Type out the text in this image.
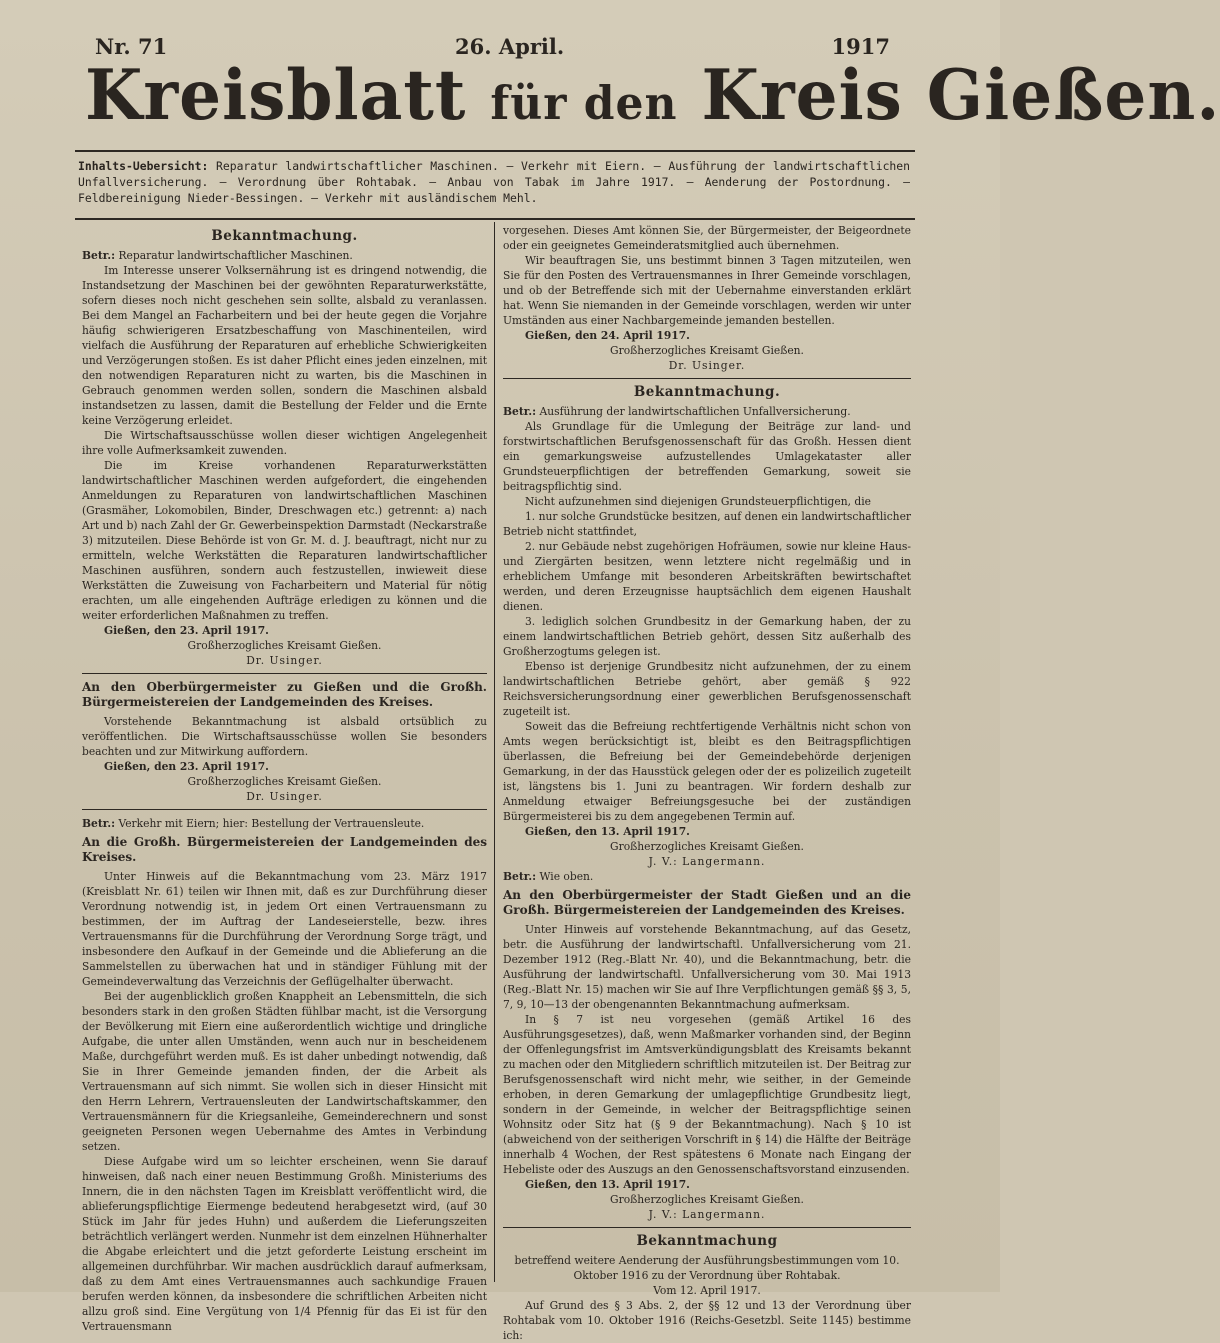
Nr. 71	26. April.	1917
Kreisblatt für den Kreis Gießen.
Inhalts-Uebersicht: Reparatur landwirtschaftlicher Maschinen. — Verkehr mit Eiern. — Ausführung der landwirtschaftlichen Unfallversicherung. — Verordnung über Rohtabak. — Anbau von Tabak im Jahre 1917. — Aenderung der Postordnung. — Feldbereinigung Nieder-Bessingen. — Verkehr mit ausländischem Mehl.
Bekanntmachung.
Betr.: Reparatur landwirtschaftlicher Maschinen.

Im Interesse unserer Volksernährung ist es dringend notwendig, die Instandsetzung der Maschinen bei der gewöhnten Reparaturwerkstätte, sofern dieses noch nicht geschehen sein sollte, alsbald zu veranlassen. Bei dem Mangel an Facharbeitern und bei der heute gegen die Vorjahre häufig schwierigeren Ersatzbeschaffung von Maschinenteilen, wird vielfach die Ausführung der Reparaturen auf erhebliche Schwierigkeiten und Verzögerungen stoßen. Es ist daher Pflicht eines jeden einzelnen, mit den notwendigen Reparaturen nicht zu warten, bis die Maschinen in Gebrauch genommen werden sollen, sondern die Maschinen alsbald instandsetzen zu lassen, damit die Bestellung der Felder und die Ernte keine Verzögerung erleidet.

Die Wirtschaftsausschüsse wollen dieser wichtigen Angelegenheit ihre volle Aufmerksamkeit zuwenden.

Die im Kreise vorhandenen Reparaturwerkstätten landwirtschaftlicher Maschinen werden aufgefordert, die eingehenden Anmeldungen zu Reparaturen von landwirtschaftlichen Maschinen (Grasmäher, Lokomobilen, Binder, Dreschwagen etc.) getrennt: a) nach Art und b) nach Zahl der Gr. Gewerbeinspektion Darmstadt (Neckarstraße 3) mitzuteilen. Diese Behörde ist von Gr. M. d. J. beauftragt, nicht nur zu ermitteln, welche Werkstätten die Reparaturen landwirtschaftlicher Maschinen ausführen, sondern auch festzustellen, inwieweit diese Werkstätten die Zuweisung von Facharbeitern und Material für nötig erachten, um alle eingehenden Aufträge erledigen zu können und die weiter erforderlichen Maßnahmen zu treffen.

Gießen, den 23. April 1917.
Großherzogliches Kreisamt Gießen.
Dr. Usinger.
An den Oberbürgermeister zu Gießen und die Großh. Bürgermeistereien der Landgemeinden des Kreises.

Vorstehende Bekanntmachung ist alsbald ortsüblich zu veröffentlichen. Die Wirtschaftsausschüsse wollen Sie besonders beachten und zur Mitwirkung auffordern.

Gießen, den 23. April 1917.
Großherzogliches Kreisamt Gießen.
Dr. Usinger.
Betr.: Verkehr mit Eiern; hier: Bestellung der Vertrauensleute.
An die Großh. Bürgermeistereien der Landgemeinden des Kreises.

Unter Hinweis auf die Bekanntmachung vom 23. März 1917 (Kreisblatt Nr. 61) teilen wir Ihnen mit, daß es zur Durchführung dieser Verordnung notwendig ist, in jedem Ort einen Vertrauensmann zu bestimmen, der im Auftrag der Landeseierstelle, bezw. ihres Vertrauensmanns für die Durchführung der Verordnung Sorge trägt, und insbesondere den Aufkauf in der Gemeinde und die Ablieferung an die Sammelstellen zu überwachen hat und in ständiger Fühlung mit der Gemeindeverwaltung das Verzeichnis der Geflügelhalter überwacht.

Bei der augenblicklich großen Knappheit an Lebensmitteln, die sich besonders stark in den großen Städten fühlbar macht, ist die Versorgung der Bevölkerung mit Eiern eine außerordentlich wichtige und dringliche Aufgabe, die unter allen Umständen, wenn auch nur in bescheidenem Maße, durchgeführt werden muß. Es ist daher unbedingt notwendig, daß Sie in Ihrer Gemeinde jemanden finden, der die Arbeit als Vertrauensmann auf sich nimmt. Sie wollen sich in dieser Hinsicht mit den Herrn Lehrern, Vertrauensleuten der Landwirtschaftskammer, den Vertrauensmännern für die Kriegsanleihe, Gemeinderechnern und sonst geeigneten Personen wegen Uebernahme des Amtes in Verbindung setzen.

Diese Aufgabe wird um so leichter erscheinen, wenn Sie darauf hinweisen, daß nach einer neuen Bestimmung Großh. Ministeriums des Innern, die in den nächsten Tagen im Kreisblatt veröffentlicht wird, die ablieferungspflichtige Eiermenge bedeutend herabgesetzt wird, (auf 30 Stück im Jahr für jedes Huhn) und außerdem die Lieferungszeiten beträchtlich verlängert werden. Nunmehr ist dem einzelnen Hühnerhalter die Abgabe erleichtert und die jetzt geforderte Leistung erscheint im allgemeinen durchführbar. Wir machen ausdrücklich darauf aufmerksam, daß zu dem Amt eines Vertrauensmannes auch sachkundige Frauen berufen werden können, da insbesondere die schriftlichen Arbeiten nicht allzu groß sind. Eine Vergütung von 1/4 Pfennig für das Ei ist für den Vertrauensmann

vorgesehen. Dieses Amt können Sie, der Bürgermeister, der Beigeordnete oder ein geeignetes Gemeinderatsmitglied auch übernehmen.

Wir beauftragen Sie, uns bestimmt binnen 3 Tagen mitzuteilen, wen Sie für den Posten des Vertrauensmannes in Ihrer Gemeinde vorschlagen, und ob der Betreffende sich mit der Uebernahme einverstanden erklärt hat. Wenn Sie niemanden in der Gemeinde vorschlagen, werden wir unter Umständen aus einer Nachbargemeinde jemanden bestellen.

Gießen, den 24. April 1917.
Großherzogliches Kreisamt Gießen.
Dr. Usinger.
Bekanntmachung.
Betr.: Ausführung der landwirtschaftlichen Unfallversicherung.

Als Grundlage für die Umlegung der Beiträge zur land- und forstwirtschaftlichen Berufsgenossenschaft für das Großh. Hessen dient ein gemarkungsweise aufzustellendes Umlagekataster aller Grundsteuerpflichtigen der betreffenden Gemarkung, soweit sie beitragspflichtig sind.

Nicht aufzunehmen sind diejenigen Grundsteuerpflichtigen, die

1. nur solche Grundstücke besitzen, auf denen ein landwirtschaftlicher Betrieb nicht stattfindet,
2. nur Gebäude nebst zugehörigen Hofräumen, sowie nur kleine Haus- und Ziergärten besitzen, wenn letztere nicht regelmäßig und in erheblichem Umfange mit besonderen Arbeitskräften bewirtschaftet werden, und deren Erzeugnisse hauptsächlich dem eigenen Haushalt dienen.
3. lediglich solchen Grundbesitz in der Gemarkung haben, der zu einem landwirtschaftlichen Betrieb gehört, dessen Sitz außerhalb des Großherzogtums gelegen ist.

Ebenso ist derjenige Grundbesitz nicht aufzunehmen, der zu einem landwirtschaftlichen Betriebe gehört, aber gemäß § 922 Reichsversicherungsordnung einer gewerblichen Berufsgenossenschaft zugeteilt ist.

Soweit das die Befreiung rechtfertigende Verhältnis nicht schon von Amts wegen berücksichtigt ist, bleibt es den Beitragspflichtigen überlassen, die Befreiung bei der Gemeindebehörde derjenigen Gemarkung, in der das Hausstück gelegen oder der es polizeilich zugeteilt ist, längstens bis 1. Juni zu beantragen. Wir fordern deshalb zur Anmeldung etwaiger Befreiungsgesuche bei der zuständigen Bürgermeisterei bis zu dem angegebenen Termin auf.

Gießen, den 13. April 1917.
Großherzogliches Kreisamt Gießen.
J. V.: Langermann.
Betr.: Wie oben.
An den Oberbürgermeister der Stadt Gießen und an die Großh. Bürgermeistereien der Landgemeinden des Kreises.

Unter Hinweis auf vorstehende Bekanntmachung, auf das Gesetz, betr. die Ausführung der landwirtschaftl. Unfallversicherung vom 21. Dezember 1912 (Reg.-Blatt Nr. 40), und die Bekanntmachung, betr. die Ausführung der landwirtschaftl. Unfallversicherung vom 30. Mai 1913 (Reg.-Blatt Nr. 15) machen wir Sie auf Ihre Verpflichtungen gemäß §§ 3, 5, 7, 9, 10—13 der obengenannten Bekanntmachung aufmerksam.

In § 7 ist neu vorgesehen (gemäß Artikel 16 des Ausführungsgesetzes), daß, wenn Maßmarker vorhanden sind, der Beginn der Offenlegungsfrist im Amtsverkündigungsblatt des Kreisamts bekannt zu machen oder den Mitgliedern schriftlich mitzuteilen ist. Der Beitrag zur Berufsgenossenschaft wird nicht mehr, wie seither, in der Gemeinde erhoben, in deren Gemarkung der umlagepflichtige Grundbesitz liegt, sondern in der Gemeinde, in welcher der Beitragspflichtige seinen Wohnsitz oder Sitz hat (§ 9 der Bekanntmachung). Nach § 10 ist (abweichend von der seitherigen Vorschrift in § 14) die Hälfte der Beiträge innerhalb 4 Wochen, der Rest spätestens 6 Monate nach Eingang der Hebeliste oder des Auszugs an den Genossenschaftsvorstand einzusenden.

Gießen, den 13. April 1917.
Großherzogliches Kreisamt Gießen.
J. V.: Langermann.
Bekanntmachung
betreffend weitere Aenderung der Ausführungsbestimmungen vom 10. Oktober 1916 zu der Verordnung über Rohtabak.
Vom 12. April 1917.

Auf Grund des § 3 Abs. 2, der §§ 12 und 13 der Verordnung über Rohtabak vom 10. Oktober 1916 (Reichs-Gesetzbl. Seite 1145) bestimme ich:
